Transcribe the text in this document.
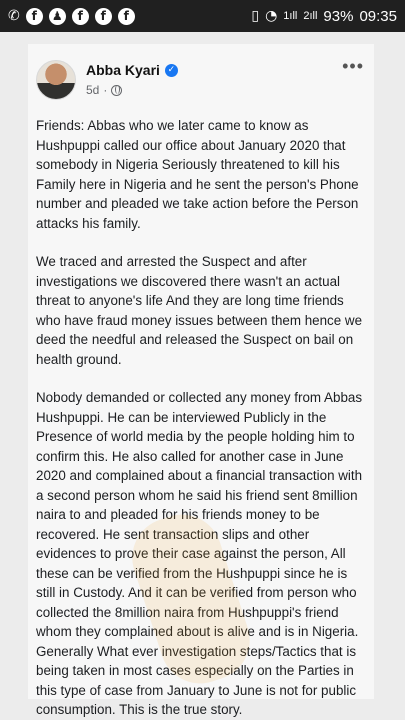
✆ f	♟	f	f	f	▯ ◔ 1ıll 2ıll 93% 09:35
Abba Kyari ✓
5d ·
•••

Friends: Abbas who we later came to know as Hushpuppi called our office about January 2020 that somebody in Nigeria Seriously threatened to kill his Family here in Nigeria and he sent the person's Phone number and pleaded we take action before the Person attacks his family.

We traced and arrested the Suspect and after investigations we discovered there wasn't an actual threat to anyone's life And they are long time friends who have fraud money issues between them hence we deed the needful and released the Suspect on bail on health ground.

Nobody demanded or collected any money from Abbas Hushpuppi. He can be interviewed Publicly in the Presence of world media by the people holding him to confirm this. He also called for another case in June 2020 and complained about a financial transaction with a second person whom he said his friend sent 8million naira to and pleaded for his friends money to be recovered. He sent transaction slips and other evidences to prove their case against the person, All these can be verified from the Hushpuppi since he is still in Custody. And it can be verified from person who collected the 8million naira from Hushpuppi's friend whom they complained about is alive and is in Nigeria. Generally What ever investigation steps/Tactics that is being taken in most cases especially on the Parties in this type of case from January to June is not for public consumption. This is the true story.
